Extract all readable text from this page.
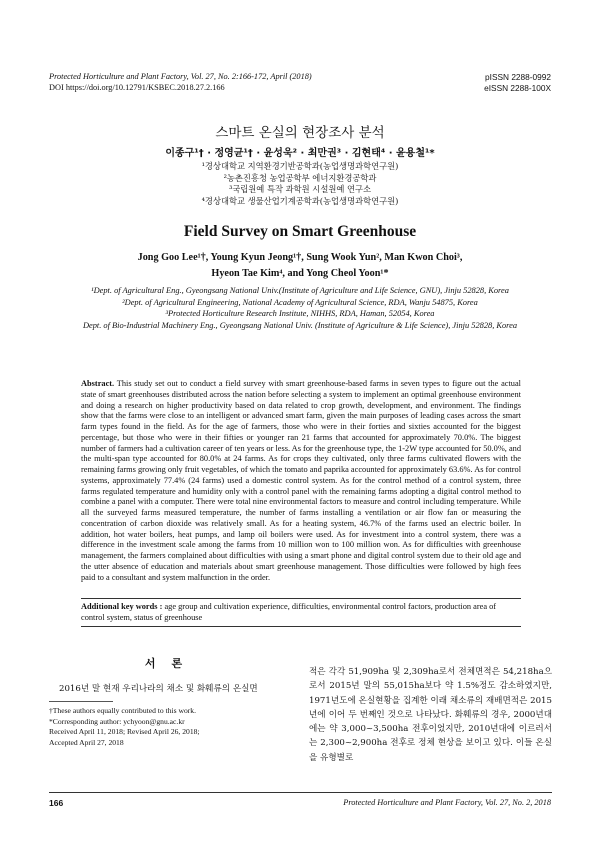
Protected Horticulture and Plant Factory, Vol. 27, No. 2:166-172, April (2018)
DOI https://doi.org/10.12791/KSBEC.2018.27.2.166
pISSN 2288-0992
eISSN 2288-100X
스마트 온실의 현장조사 분석
이종구¹† · 정영균¹† · 윤성욱² · 최만권³ · 김현태⁴ · 윤용철¹*
¹경상대학교 지역환경기반공학과(농업생명과학연구원)
²농촌진흥청 농업공학부 에너지환경공학과
³국립원예 특작 과학원 시설원예 연구소
⁴경상대학교 생물산업기계공학과(농업생명과학연구원)
Field Survey on Smart Greenhouse
Jong Goo Lee¹†, Young Kyun Jeong¹†, Sung Wook Yun², Man Kwon Choi³,
Hyeon Tae Kim⁴, and Yong Cheol Yoon¹*
¹Dept. of Agricultural Eng., Gyeongsang National Univ.(Institute of Agriculture and Life Science, GNU), Jinju 52828, Korea
²Dept. of Agricultural Engineering, National Academy of Agricultural Science, RDA, Wanju 54875, Korea
³Protected Horticulture Research Institute, NIHHS, RDA, Haman, 52054, Korea
Dept. of Bio-Industrial Machinery Eng., Gyeongsang National Univ. (Institute of Agriculture & Life Science), Jinju 52828, Korea
Abstract. This study set out to conduct a field survey with smart greenhouse-based farms in seven types to figure out the actual state of smart greenhouses distributed across the nation before selecting a system to implement an optimal greenhouse environment and doing a research on higher productivity based on data related to crop growth, development, and environment. The findings show that the farms were close to an intelligent or advanced smart farm, given the main purposes of leading cases across the smart farm types found in the field. As for the age of farmers, those who were in their forties and sixties accounted for the biggest percentage, but those who were in their fifties or younger ran 21 farms that accounted for approximately 70.0%. The biggest number of farmers had a cultivation career of ten years or less. As for the greenhouse type, the 1-2W type accounted for 50.0%, and the multi-span type accounted for 80.0% at 24 farms. As for crops they cultivated, only three farms cultivated flowers with the remaining farms growing only fruit vegetables, of which the tomato and paprika accounted for approximately 63.6%. As for control systems, approximately 77.4% (24 farms) used a domestic control system. As for the control method of a control system, three farms regulated temperature and humidity only with a control panel with the remaining farms adopting a digital control method to combine a panel with a computer. There were total nine environmental factors to measure and control including temperature. While all the surveyed farms measured temperature, the number of farms installing a ventilation or air flow fan or measuring the concentration of carbon dioxide was relatively small. As for a heating system, 46.7% of the farms used an electric boiler. In addition, hot water boilers, heat pumps, and lamp oil boilers were used. As for investment into a control system, there was a difference in the investment scale among the farms from 10 million won to 100 million won. As for difficulties with greenhouse management, the farmers complained about difficulties with using a smart phone and digital control system due to their old age and the utter absence of education and materials about smart greenhouse management. Those difficulties were followed by high fees paid to a consultant and system malfunction in the order.
Additional key words : age group and cultivation experience, difficulties, environmental control factors, production area of control system, status of greenhouse
서론
2016년 말 현재 우리나라의 채소 및 화훼류의 온실면
†These authors equally contributed to this work.
*Corresponding author: ychyoon@gnu.ac.kr
Received April 11, 2018; Revised April 26, 2018;
Accepted April 27, 2018
적은 각각 51,909ha 및 2,309ha로서 전체면적은 54,218ha으로서 2015년 말의 55,015ha보다 약 1.5%정도 감소하였지만, 1971년도에 온실현황을 집계한 이래 채소류의 재배면적은 2015년에 이어 두 번째인 것으로 나타났다. 화훼류의 경우, 2000년대에는 약 3,000~3,500ha 전후이었지만, 2010년대에 이르러서는 2,300~2,900ha 전후로 정체 현상을 보이고 있다. 이들 온실을 유형별로
166	Protected Horticulture and Plant Factory, Vol. 27, No. 2, 2018
